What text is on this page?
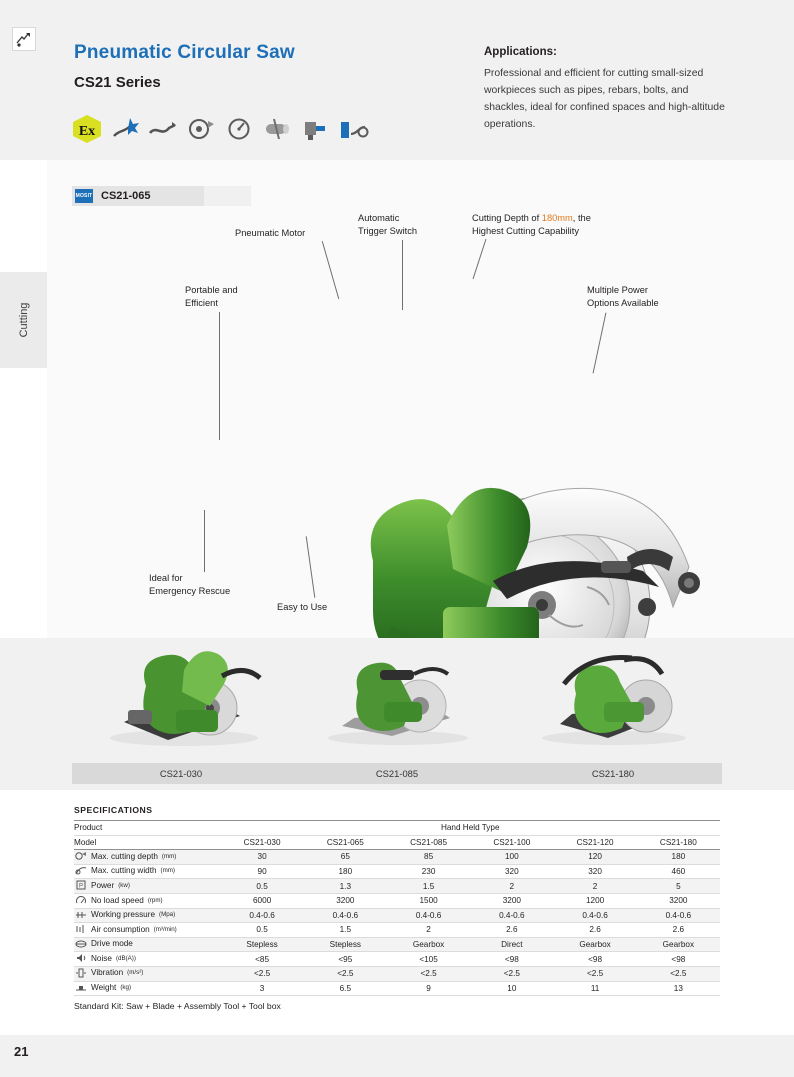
Pneumatic Circular Saw
CS21 Series
Ex
Applications:
Professional and efficient for cutting small-sized workpieces such as pipes, rebars, bolts, and shackles, ideal for confined spaces and high-altitude operations.
Cutting
MOSIT CS21-065
Pneumatic Motor
Automatic
Trigger Switch
Cutting Depth of 180mm, the
Highest Cutting Capability
Multiple Power
Options Available
Portable and
Efficient
Ideal for
Emergency Rescue
Easy to Use
CS21-030	CS21-085	CS21-180
SPECIFICATIONS
Product	Hand Held Type					
Model	CS21-030	CS21-065	CS21-085	CS21-100	CS21-120	CS21-180

Max. cutting depth (mm)	30	65	85	100	120	180

Max. cutting width (mm)	90	180	230	320	320	460

P Power (kw)	0.5	1.3	1.5	2	2	5

No load speed (rpm)	6000	3200	1500	3200	1200	3200

Working pressure (Mpa)	0.4-0.6	0.4-0.6	0.4-0.6	0.4-0.6	0.4-0.6	0.4-0.6

Air consumption (m³/min)	0.5	1.5	2	2.6	2.6	2.6

Drive mode	Stepless	Stepless	Gearbox	Direct	Gearbox	Gearbox

Noise (dB(A))	<85	<95	<105	<98	<98	<98

Vibration (m/s²)	<2.5	<2.5	<2.5	<2.5	<2.5	<2.5

Weight (kg)	3	6.5	9	10	11	13
Standard Kit: Saw + Blade + Assembly Tool + Tool box
21
